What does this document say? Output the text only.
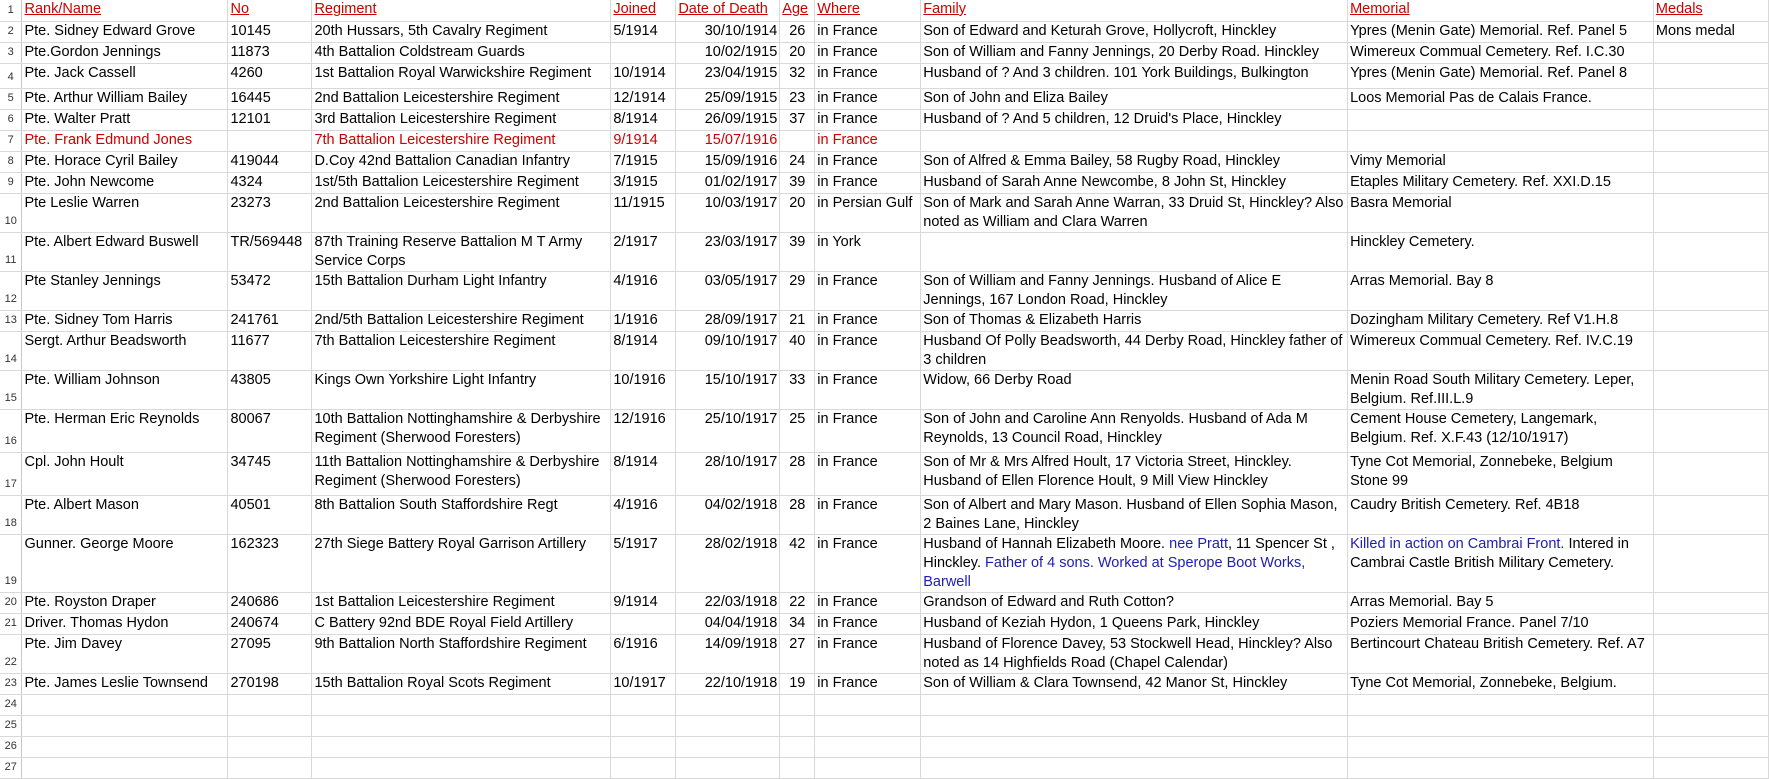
1	Rank/Name	No	Regiment	Joined	Date of Death	Age	Where	Family	Memorial	Medals
2	Pte. Sidney Edward Grove	10145	20th Hussars, 5th Cavalry Regiment	5/1914	30/10/1914	26	in France	Son of Edward and Keturah Grove, Hollycroft, Hinckley	Ypres (Menin Gate) Memorial. Ref. Panel 5	Mons medal
3	Pte.Gordon Jennings	11873	4th Battalion Coldstream Guards		10/02/1915	20	in France	Son of William and Fanny Jennings, 20 Derby Road. Hinckley	Wimereux Commual Cemetery. Ref. I.C.30	
4	Pte. Jack Cassell	4260	1st Battalion Royal Warwickshire Regiment	10/1914	23/04/1915	32	in France	Husband of ? And 3 children. 101 York Buildings, Bulkington	Ypres (Menin Gate) Memorial. Ref. Panel 8	
5	Pte. Arthur William Bailey	16445	2nd Battalion Leicestershire Regiment	12/1914	25/09/1915	23	in France	Son of John and Eliza Bailey	Loos Memorial Pas de Calais France.	
6	Pte. Walter Pratt	12101	3rd Battalion Leicestershire Regiment	8/1914	26/09/1915	37	in France	Husband of ? And 5 children, 12 Druid's Place, Hinckley		
7	Pte. Frank Edmund Jones		7th Battalion Leicestershire Regiment	9/1914	15/07/1916		in France			
8	Pte. Horace Cyril Bailey	419044	D.Coy 42nd Battalion Canadian Infantry	7/1915	15/09/1916	24	in France	Son of Alfred & Emma Bailey, 58 Rugby Road, Hinckley	Vimy Memorial	
9	Pte. John Newcome	4324	1st/5th Battalion Leicestershire Regiment	3/1915	01/02/1917	39	in France	Husband of Sarah Anne Newcombe, 8 John St, Hinckley	Etaples Military Cemetery. Ref. XXI.D.15	
10	Pte Leslie Warren	23273	2nd Battalion Leicestershire Regiment	11/1915	10/03/1917	20	in Persian Gulf	Son of Mark and Sarah Anne Warran, 33 Druid St, Hinckley? Also noted as William and Clara Warren	Basra Memorial	
11	Pte. Albert Edward Buswell	TR/569448	87th Training Reserve Battalion M T Army Service Corps	2/1917	23/03/1917	39	in York		Hinckley Cemetery.	
12	Pte Stanley Jennings	53472	15th Battalion Durham Light Infantry	4/1916	03/05/1917	29	in France	Son of William and Fanny Jennings. Husband of Alice E Jennings, 167 London Road, Hinckley	Arras Memorial. Bay 8	
13	Pte. Sidney Tom Harris	241761	2nd/5th Battalion Leicestershire Regiment	1/1916	28/09/1917	21	in France	Son of Thomas & Elizabeth Harris	Dozingham Military Cemetery. Ref V1.H.8	
14	Sergt. Arthur Beadsworth	11677	7th Battalion Leicestershire Regiment	8/1914	09/10/1917	40	in France	Husband Of Polly Beadsworth, 44 Derby Road, Hinckley father of 3 children	Wimereux Commual Cemetery. Ref. IV.C.19	
15	Pte. William Johnson	43805	Kings Own Yorkshire Light Infantry	10/1916	15/10/1917	33	in France	Widow, 66 Derby Road	Menin Road South Military Cemetery. Leper, Belgium. Ref.III.L.9	
16	Pte. Herman Eric Reynolds	80067	10th Battalion Nottinghamshire & Derbyshire Regiment (Sherwood Foresters)	12/1916	25/10/1917	25	in France	Son of John and Caroline Ann Renyolds. Husband of Ada M Reynolds, 13 Council Road, Hinckley	Cement House Cemetery, Langemark, Belgium. Ref. X.F.43 (12/10/1917)	
17	Cpl. John Hoult	34745	11th Battalion Nottinghamshire & Derbyshire Regiment (Sherwood Foresters)	8/1914	28/10/1917	28	in France	Son of Mr & Mrs Alfred Hoult, 17 Victoria Street, Hinckley. Husband of Ellen Florence Hoult, 9 Mill View Hinckley	Tyne Cot Memorial, Zonnebeke, Belgium Stone 99	
18	Pte. Albert Mason	40501	8th Battalion South Staffordshire Regt	4/1916	04/02/1918	28	in France	Son of Albert and Mary Mason. Husband of Ellen Sophia Mason, 2 Baines Lane, Hinckley	Caudry British Cemetery. Ref. 4B18	
19	Gunner. George Moore	162323	27th Siege Battery Royal Garrison Artillery	5/1917	28/02/1918	42	in France	Husband of Hannah Elizabeth Moore. nee Pratt, 11 Spencer St , Hinckley. Father of 4 sons. Worked at Sperope Boot Works, Barwell	Killed in action on Cambrai Front. Intered in Cambrai Castle British Military Cemetery.	
20	Pte. Royston Draper	240686	1st Battalion Leicestershire Regiment	9/1914	22/03/1918	22	in France	Grandson of Edward and Ruth Cotton?	Arras Memorial. Bay 5	
21	Driver. Thomas Hydon	240674	C Battery 92nd BDE Royal Field Artillery		04/04/1918	34	in France	Husband of Keziah Hydon, 1 Queens Park, Hinckley	Poziers Memorial France. Panel 7/10	
22	Pte. Jim Davey	27095	9th Battalion North Staffordshire Regiment	6/1916	14/09/1918	27	in France	Husband of Florence Davey, 53 Stockwell Head, Hinckley? Also noted as 14 Highfields Road (Chapel Calendar)	Bertincourt Chateau British Cemetery. Ref. A7	
23	Pte. James Leslie Townsend	270198	15th Battalion Royal Scots Regiment	10/1917	22/10/1918	19	in France	Son of William & Clara Townsend, 42 Manor St, Hinckley	Tyne Cot Memorial, Zonnebeke, Belgium.	
24										
25										
26										
27										
